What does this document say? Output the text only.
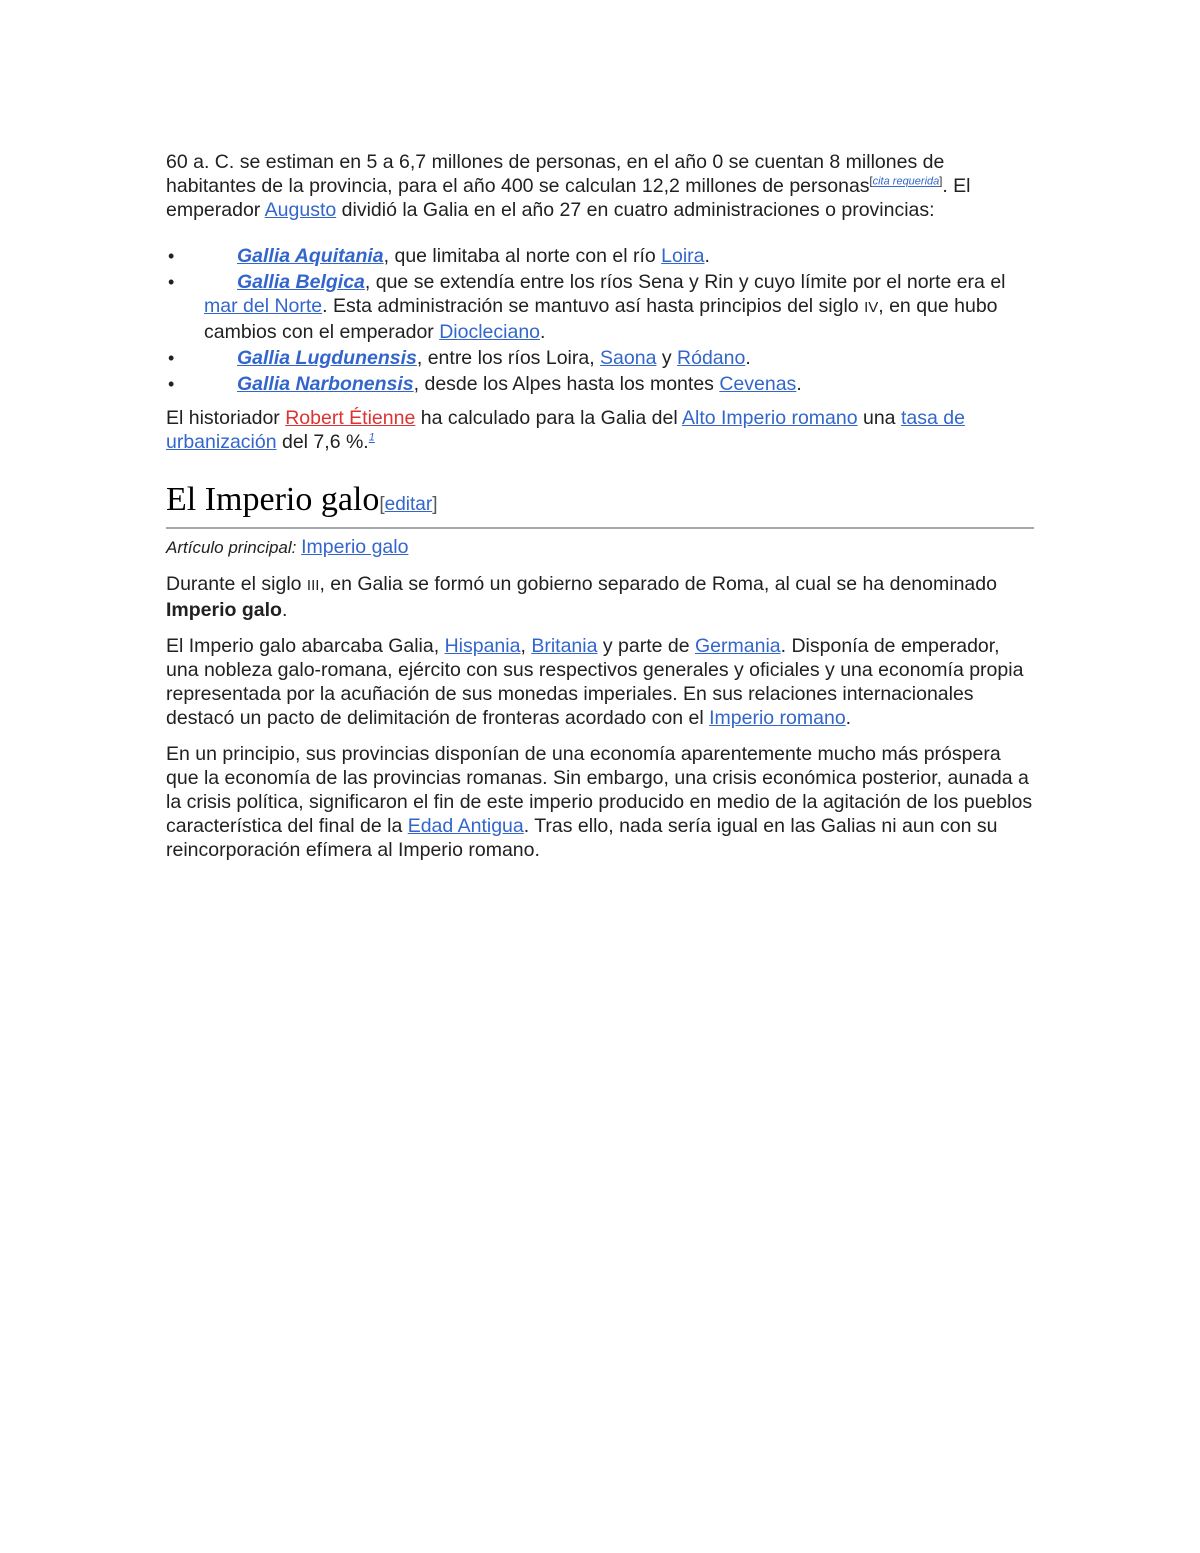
60 a. C. se estiman en 5 a 6,7 millones de personas, en el año 0 se cuentan 8 millones de habitantes de la provincia, para el año 400 se calculan 12,2 millones de personas[cita requerida]. El emperador Augusto dividió la Galia en el año 27 en cuatro administraciones o provincias:

•	Gallia Aquitania, que limitaba al norte con el río Loira.
•	Gallia Belgica, que se extendía entre los ríos Sena y Rin y cuyo límite por el norte era el mar del Norte. Esta administración se mantuvo así hasta principios del siglo IV, en que hubo cambios con el emperador Diocleciano.
•	Gallia Lugdunensis, entre los ríos Loira, Saona y Ródano.
•	Gallia Narbonensis, desde los Alpes hasta los montes Cevenas.

El historiador Robert Étienne ha calculado para la Galia del Alto Imperio romano una tasa de urbanización del 7,6 %.$^1$

El Imperio galo[editar]
Artículo principal: Imperio galo

Durante el siglo III, en Galia se formó un gobierno separado de Roma, al cual se ha denominado Imperio galo.

El Imperio galo abarcaba Galia, Hispania, Britania y parte de Germania. Disponía de emperador, una nobleza galo-romana, ejército con sus respectivos generales y oficiales y una economía propia representada por la acuñación de sus monedas imperiales. En sus relaciones internacionales destacó un pacto de delimitación de fronteras acordado con el Imperio romano.

En un principio, sus provincias disponían de una economía aparentemente mucho más próspera que la economía de las provincias romanas. Sin embargo, una crisis económica posterior, aunada a la crisis política, significaron el fin de este imperio producido en medio de la agitación de los pueblos característica del final de la Edad Antigua. Tras ello, nada sería igual en las Galias ni aun con su reincorporación efímera al Imperio romano.
